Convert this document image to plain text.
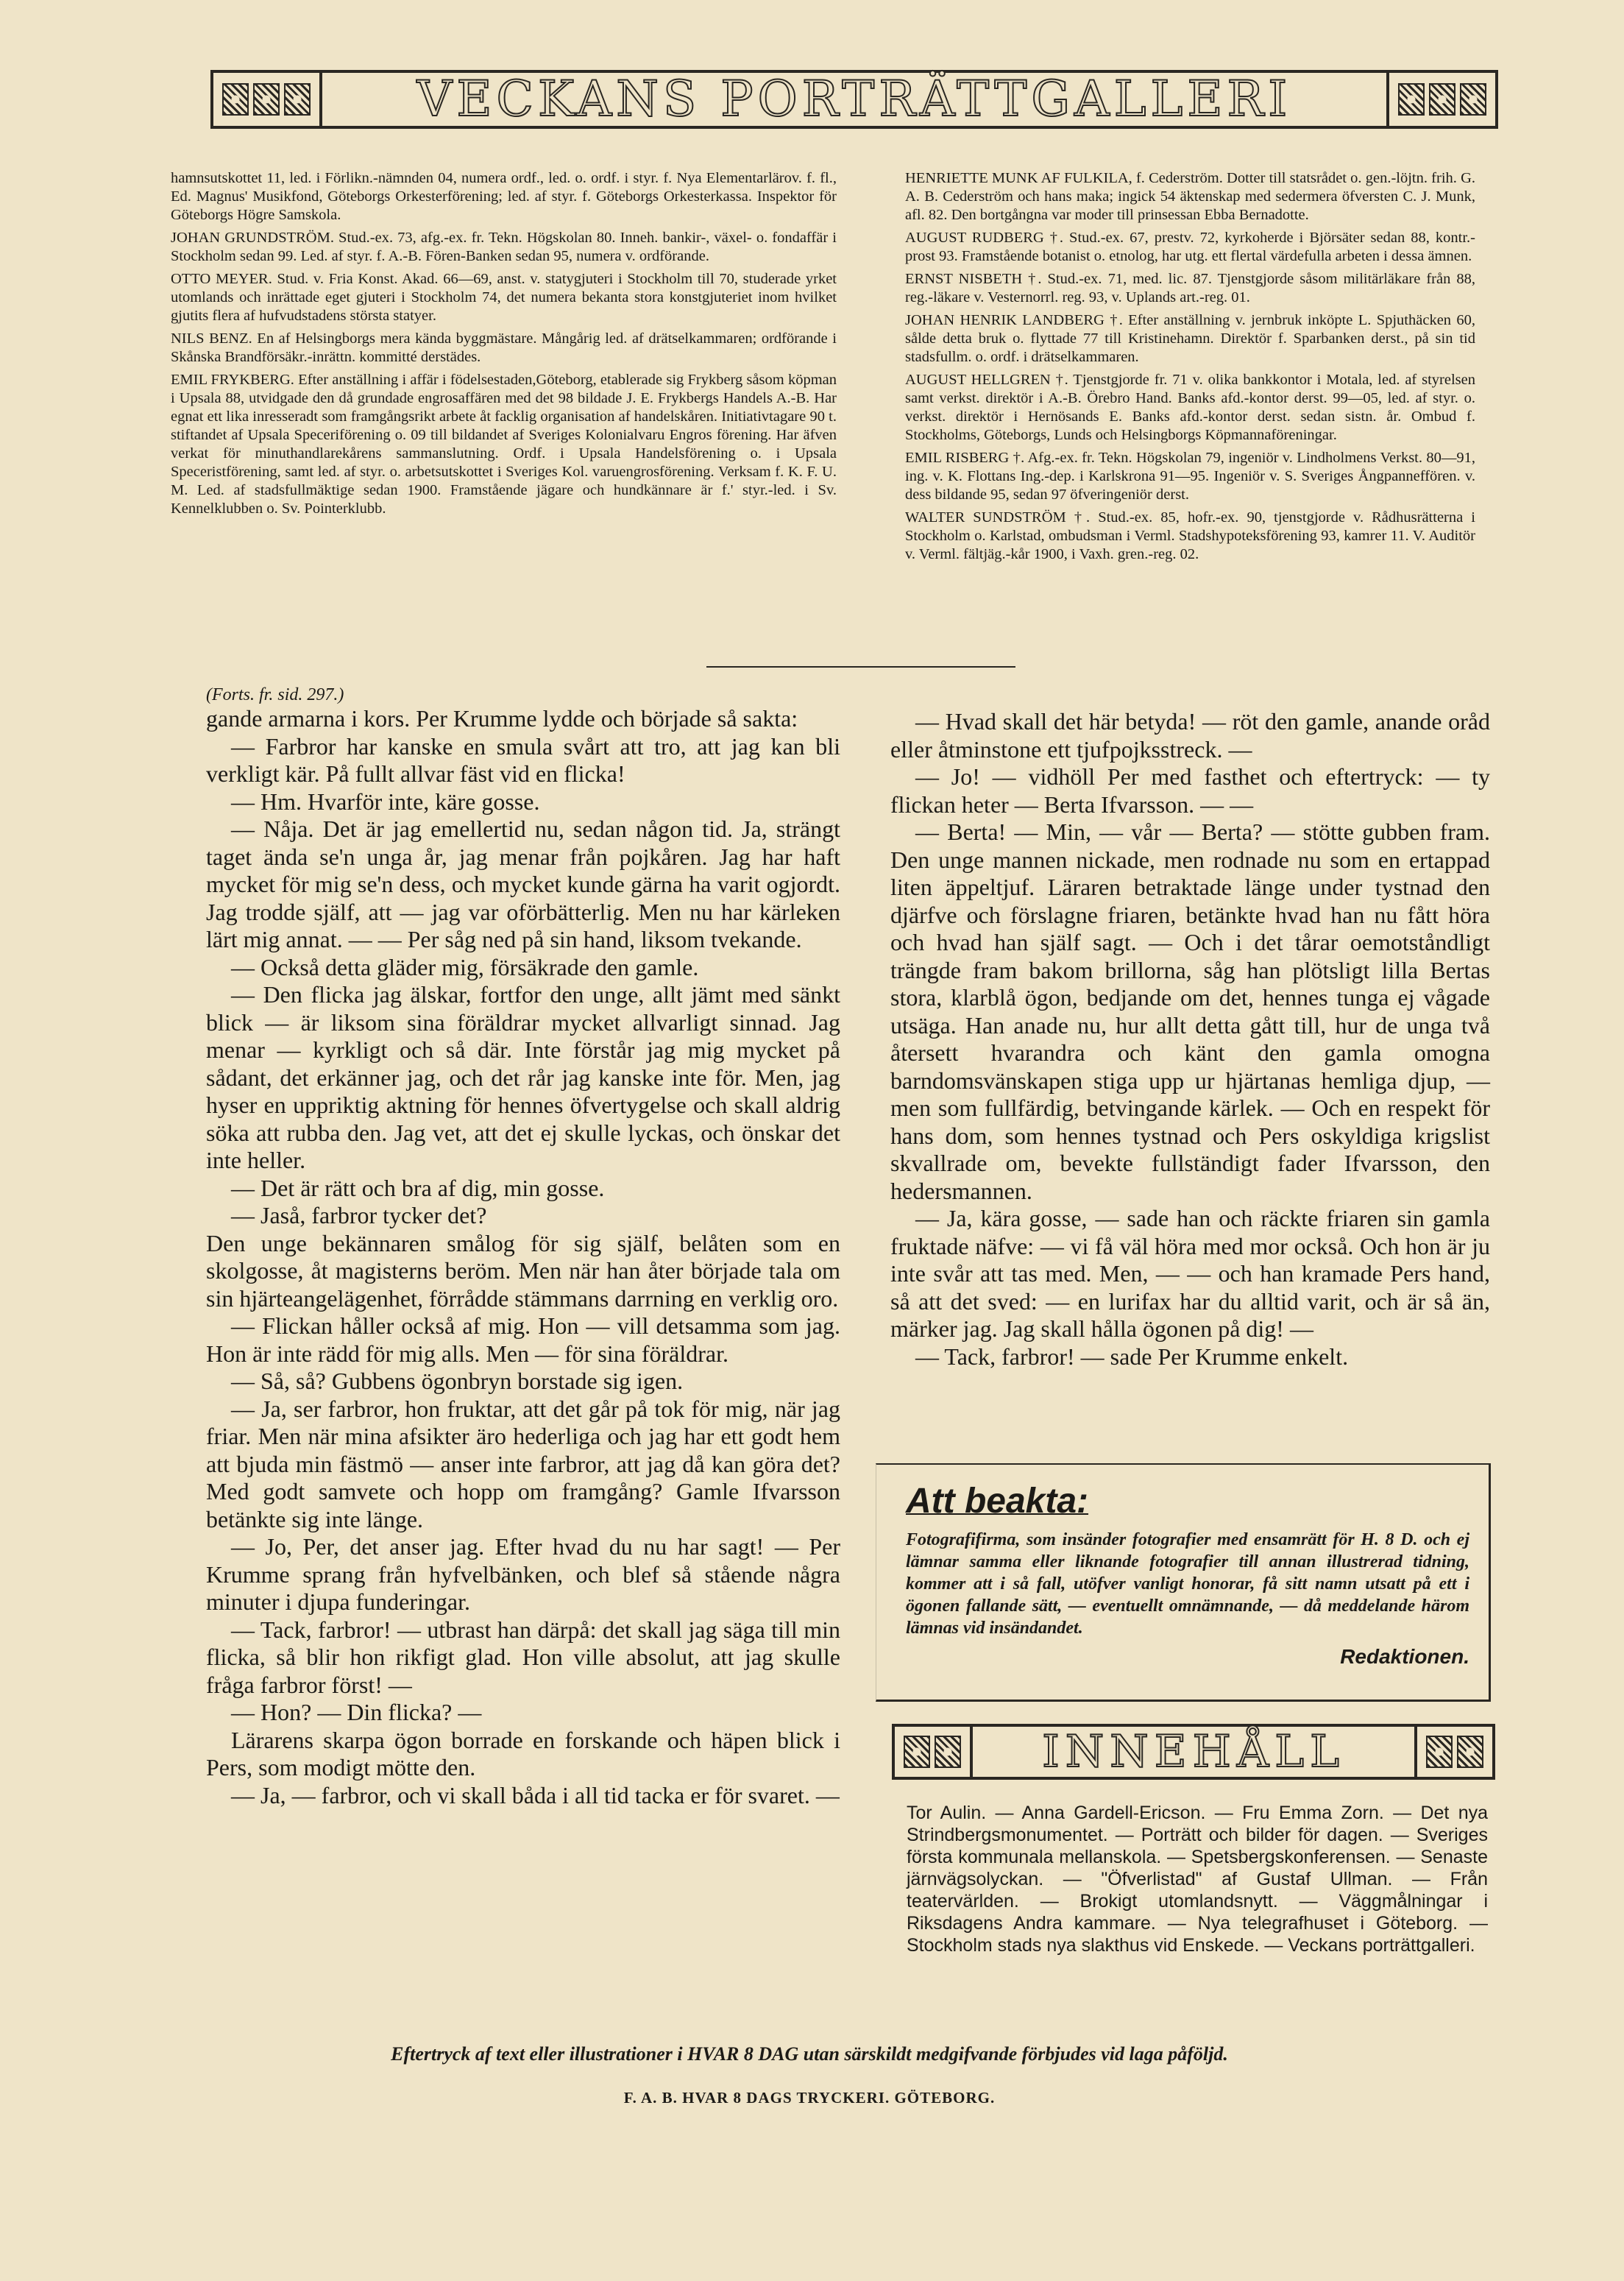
VECKANS PORTRÄTTGALLERI

hamnsutskottet 11, led. i Förlikn.-nämnden 04, numera ordf., led. o. ordf. i styr. f. Nya Elementarlärov. f. fl., Ed. Magnus' Musikfond, Göteborgs Orkesterförening; led. af styr. f. Göteborgs Orkesterkassa. Inspektor för Göteborgs Högre Samskola.

JOHAN GRUNDSTRÖM. Stud.-ex. 73, afg.-ex. fr. Tekn. Högskolan 80. Inneh. bankir-, växel- o. fondaffär i Stockholm sedan 99. Led. af styr. f. A.-B. Fören-Banken sedan 95, numera v. ordförande.

OTTO MEYER. Stud. v. Fria Konst. Akad. 66—69, anst. v. statygjuteri i Stockholm till 70, studerade yrket utomlands och inrättade eget gjuteri i Stockholm 74, det numera bekanta stora konstgjuteriet inom hvilket gjutits flera af hufvudstadens största statyer.

NILS BENZ. En af Helsingborgs mera kända byggmästare. Mångårig led. af drätselkammaren; ordförande i Skånska Brandförsäkr.-inrättn. kommitté derstädes.

EMIL FRYKBERG. Efter anställning i affär i födelsestaden,Göteborg, etablerade sig Frykberg såsom köpman i Upsala 88, utvidgade den då grundade engrosaffären med det 98 bildade J. E. Frykbergs Handels A.-B. Har egnat ett lika inresseradt som framgångsrikt arbete åt facklig organisation af handelskåren. Initiativtagare 90 t. stiftandet af Upsala Speceriförening o. 09 till bildandet af Sveriges Kolonialvaru Engros förening. Har äfven verkat för minuthandlarekårens sammanslutning. Ordf. i Upsala Handelsförening o. i Upsala Speceristförening, samt led. af styr. o. arbetsutskottet i Sveriges Kol. varuengrosförening. Verksam f. K. F. U. M. Led. af stadsfullmäktige sedan 1900. Framstående jägare och hundkännare är f.' styr.-led. i Sv. Kennelklubben o. Sv. Pointerklubb.

HENRIETTE MUNK AF FULKILA, f. Cederström. Dotter till statsrådet o. gen.-löjtn. frih. G. A. B. Cederström och hans maka; ingick 54 äktenskap med sedermera öfversten C. J. Munk, afl. 82. Den bortgångna var moder till prinsessan Ebba Bernadotte.

AUGUST RUDBERG †. Stud.-ex. 67, prestv. 72, kyrkoherde i Björsäter sedan 88, kontr.-prost 93. Framstående botanist o. etnolog, har utg. ett flertal värdefulla arbeten i dessa ämnen.

ERNST NISBETH †. Stud.-ex. 71, med. lic. 87. Tjenstgjorde såsom militärläkare från 88, reg.-läkare v. Vesternorrl. reg. 93, v. Uplands art.-reg. 01.

JOHAN HENRIK LANDBERG †. Efter anställning v. jernbruk inköpte L. Spjuthäcken 60, sålde detta bruk o. flyttade 77 till Kristinehamn. Direktör f. Sparbanken derst., på sin tid stadsfullm. o. ordf. i drätselkammaren.

AUGUST HELLGREN †. Tjenstgjorde fr. 71 v. olika bankkontor i Motala, led. af styrelsen samt verkst. direktör i A.-B. Örebro Hand. Banks afd.-kontor derst. 99—05, led. af styr. o. verkst. direktör i Hernösands E. Banks afd.-kontor derst. sedan sistn. år. Ombud f. Stockholms, Göteborgs, Lunds och Helsingborgs Köpmannaföreningar.

EMIL RISBERG †. Afg.-ex. fr. Tekn. Högskolan 79, ingeniör v. Lindholmens Verkst. 80—91, ing. v. K. Flottans Ing.-dep. i Karlskrona 91—95. Ingeniör v. S. Sveriges Ångpanneffören. v. dess bildande 95, sedan 97 öfveringeniör derst.

WALTER SUNDSTRÖM †. Stud.-ex. 85, hofr.-ex. 90, tjenstgjorde v. Rådhusrätterna i Stockholm o. Karlstad, ombudsman i Verml. Stadshypoteksförening 93, kamrer 11. V. Auditör v. Verml. fältjäg.-kår 1900, i Vaxh. gren.-reg. 02.

(Forts. fr. sid. 297.)

gande armarna i kors. Per Krumme lydde och började så sakta:

— Farbror har kanske en smula svårt att tro, att jag kan bli verkligt kär. På fullt allvar fäst vid en flicka!

— Hm. Hvarför inte, käre gosse.

— Nåja. Det är jag emellertid nu, sedan någon tid. Ja, strängt taget ända se'n unga år, jag menar från pojkåren. Jag har haft mycket för mig se'n dess, och mycket kunde gärna ha varit ogjordt. Jag trodde själf, att — jag var oförbätterlig. Men nu har kärleken lärt mig annat. — — Per såg ned på sin hand, liksom tvekande.

— Också detta gläder mig, försäkrade den gamle.

— Den flicka jag älskar, fortfor den unge, allt jämt med sänkt blick — är liksom sina föräldrar mycket allvarligt sinnad. Jag menar — kyrkligt och så där. Inte förstår jag mig mycket på sådant, det erkänner jag, och det rår jag kanske inte för. Men, jag hyser en uppriktig aktning för hennes öfvertygelse och skall aldrig söka att rubba den. Jag vet, att det ej skulle lyckas, och önskar det inte heller.

— Det är rätt och bra af dig, min gosse.

— Jaså, farbror tycker det?

Den unge bekännaren smålog för sig själf, belåten som en skolgosse, åt magisterns beröm. Men när han åter började tala om sin hjärteangelägenhet, förrådde stämmans darrning en verklig oro.

— Flickan håller också af mig. Hon — vill detsamma som jag. Hon är inte rädd för mig alls. Men — för sina föräldrar.

— Så, så? Gubbens ögonbryn borstade sig igen.

— Ja, ser farbror, hon fruktar, att det går på tok för mig, när jag friar. Men när mina afsikter äro hederliga och jag har ett godt hem att bjuda min fästmö — anser inte farbror, att jag då kan göra det? Med godt samvete och hopp om framgång? Gamle Ifvarsson betänkte sig inte länge.

— Jo, Per, det anser jag. Efter hvad du nu har sagt! — Per Krumme sprang från hyfvelbänken, och blef så stående några minuter i djupa funderingar.

— Tack, farbror! — utbrast han därpå: det skall jag säga till min flicka, så blir hon rikfigt glad. Hon ville absolut, att jag skulle fråga farbror först! —

— Hon? — Din flicka? —

Lärarens skarpa ögon borrade en forskande och häpen blick i Pers, som modigt mötte den.

— Ja, — farbror, och vi skall båda i all tid tacka er för svaret. —

— Hvad skall det här betyda! — röt den gamle, anande oråd eller åtminstone ett tjufpojksstreck. —

— Jo! — vidhöll Per med fasthet och eftertryck: — ty flickan heter — Berta Ifvarsson. — —

— Berta! — Min, — vår — Berta? — stötte gubben fram. Den unge mannen nickade, men rodnade nu som en ertappad liten äppeltjuf. Läraren betraktade länge under tystnad den djärfve och förslagne friaren, betänkte hvad han nu fått höra och hvad han själf sagt. — Och i det tårar oemotståndligt trängde fram bakom brillorna, såg han plötsligt lilla Bertas stora, klarblå ögon, bedjande om det, hennes tunga ej vågade utsäga. Han anade nu, hur allt detta gått till, hur de unga två återsett hvarandra och känt den gamla omogna barndomsvänskapen stiga upp ur hjärtanas hemliga djup, — men som fullfärdig, betvingande kärlek. — Och en respekt för hans dom, som hennes tystnad och Pers oskyldiga krigslist skvallrade om, bevekte fullständigt fader Ifvarsson, den hedersmannen.

— Ja, kära gosse, — sade han och räckte friaren sin gamla fruktade näfve: — vi få väl höra med mor också. Och hon är ju inte svår att tas med. Men, — — och han kramade Pers hand, så att det sved: — en lurifax har du alltid varit, och är så än, märker jag. Jag skall hålla ögonen på dig! —

— Tack, farbror! — sade Per Krumme enkelt.

Att beakta:
Fotografifirma, som insänder fotografier med ensamrätt för H. 8 D. och ej lämnar samma eller liknande fotografier till annan illustrerad tidning, kommer att i så fall, utöfver vanligt honorar, få sitt namn utsatt på ett i ögonen fallande sätt, — eventuellt omnämnande, — då meddelande härom lämnas vid insändandet.
Redaktionen.
INNEHÅLL

Tor Aulin. — Anna Gardell-Ericson. — Fru Emma Zorn. — Det nya Strindbergsmonumentet. — Porträtt och bilder för dagen. — Sveriges första kommunala mellanskola. — Spetsbergskonferensen. — Senaste järnvägsolyckan. — "Öfverlistad" af Gustaf Ullman. — Från teatervärlden. — Brokigt utomlandsnytt. — Väggmålningar i Riksdagens Andra kammare. — Nya telegrafhuset i Göteborg. — Stockholm stads nya slakthus vid Enskede. — Veckans porträttgalleri.

Eftertryck af text eller illustrationer i HVAR 8 DAG utan särskildt medgifvande förbjudes vid laga påföljd.
F. A. B. HVAR 8 DAGS TRYCKERI. GÖTEBORG.
